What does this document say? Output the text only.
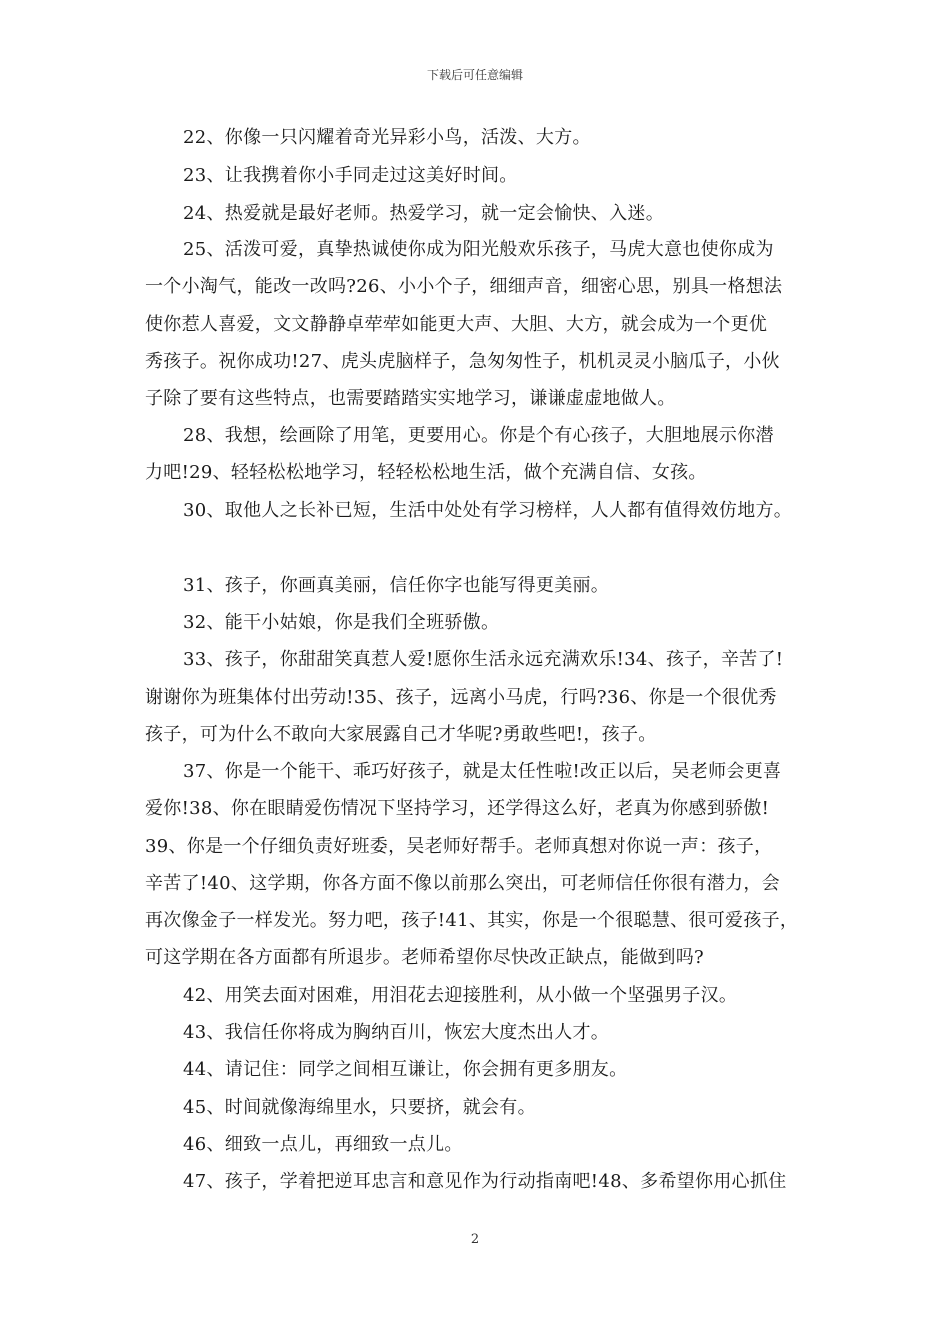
下载后可任意编辑
22、你像一只闪耀着奇光异彩小鸟，活泼、大方。
23、让我携着你小手同走过这美好时间。
24、热爱就是最好老师。热爱学习，就一定会愉快、入迷。
25、活泼可爱，真挚热诚使你成为阳光般欢乐孩子，马虎大意也使你成为
一个小淘气，能改一改吗?26、小小个子，细细声音，细密心思，别具一格想法
使你惹人喜爱，文文静静卓荦荦如能更大声、大胆、大方，就会成为一个更优
秀孩子。祝你成功!27、虎头虎脑样子，急匆匆性子，机机灵灵小脑瓜子，小伙
子除了要有这些特点，也需要踏踏实实地学习，谦谦虚虚地做人。
28、我想，绘画除了用笔，更要用心。你是个有心孩子，大胆地展示你潜
力吧!29、轻轻松松地学习，轻轻松松地生活，做个充满自信、女孩。
30、取他人之长补已短，生活中处处有学习榜样，人人都有值得效仿地方。
31、孩子，你画真美丽，信任你字也能写得更美丽。
32、能干小姑娘，你是我们全班骄傲。
33、孩子，你甜甜笑真惹人爱!愿你生活永远充满欢乐!34、孩子，辛苦了!
谢谢你为班集体付出劳动!35、孩子，远离小马虎，行吗?36、你是一个很优秀
孩子，可为什么不敢向大家展露自己才华呢?勇敢些吧!，孩子。
37、你是一个能干、乖巧好孩子，就是太任性啦!改正以后，吴老师会更喜
爱你!38、你在眼睛爱伤情况下坚持学习，还学得这么好，老真为你感到骄傲!
39、你是一个仔细负责好班委，吴老师好帮手。老师真想对你说一声：孩子，
辛苦了!40、这学期，你各方面不像以前那么突出，可老师信任你很有潜力，会
再次像金子一样发光。努力吧，孩子!41、其实，你是一个很聪慧、很可爱孩子，
可这学期在各方面都有所退步。老师希望你尽快改正缺点，能做到吗?
42、用笑去面对困难，用泪花去迎接胜利，从小做一个坚强男子汉。
43、我信任你将成为胸纳百川，恢宏大度杰出人才。
44、请记住：同学之间相互谦让，你会拥有更多朋友。
45、时间就像海绵里水，只要挤，就会有。
46、细致一点儿，再细致一点儿。
47、孩子，学着把逆耳忠言和意见作为行动指南吧!48、多希望你用心抓住
2
